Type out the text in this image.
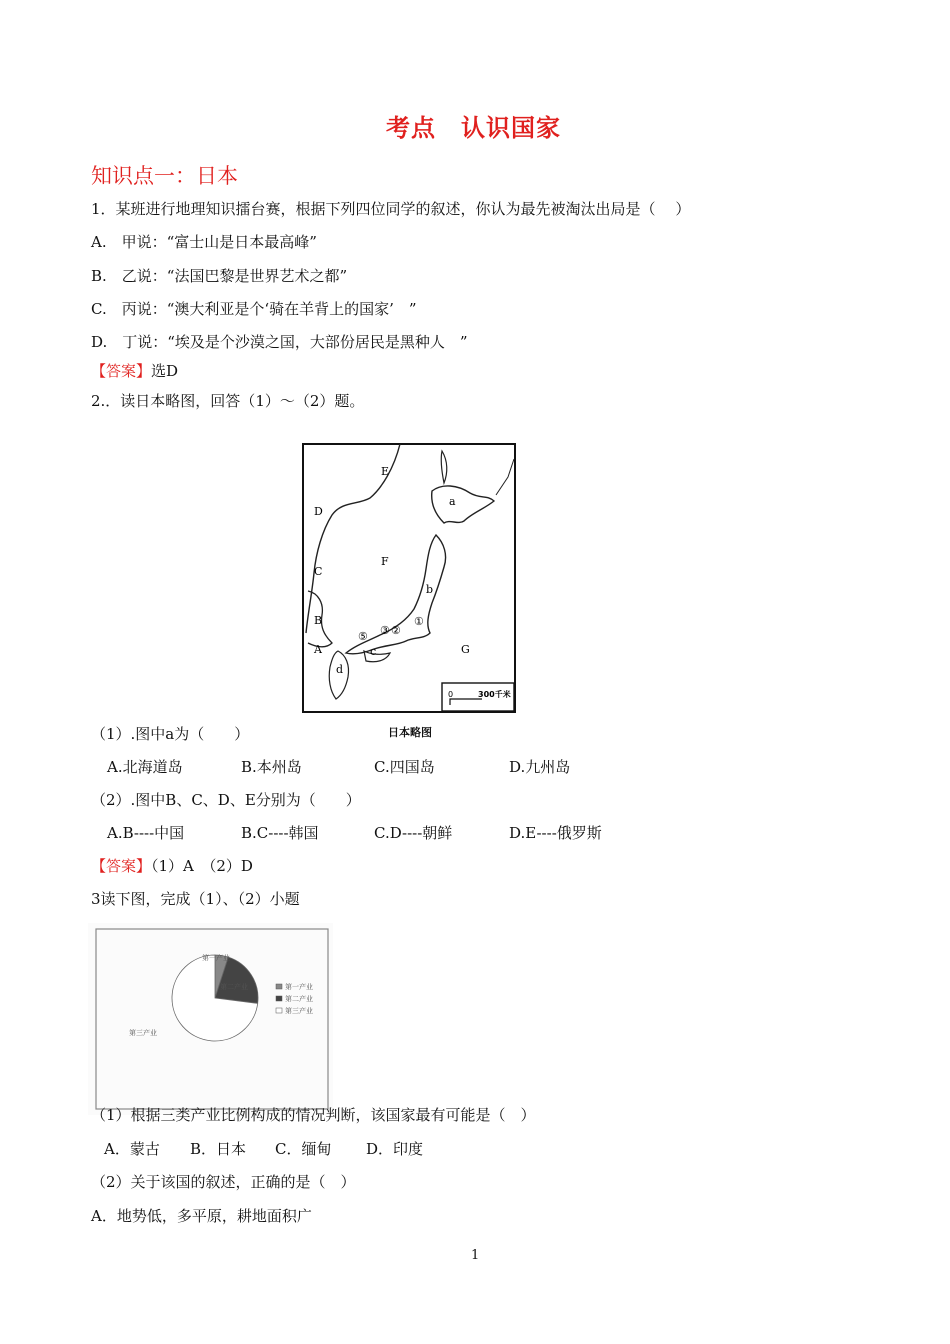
考点　认识国家
知识点一：日本
1．某班进行地理知识擂台赛，根据下列四位同学的叙述，你认为最先被淘汰出局是（　 ）
A.　甲说：“富士山是日本最高峰”
B.　乙说：“法国巴黎是世界艺术之都”
C.　丙说：“澳大利亚是个‘骑在羊背上的国家’　”
D.　丁说：“埃及是个沙漠之国，大部份居民是黑种人　”
【答案】选D
2.．读日本略图，回答（1）～（2）题。
0	300千米
E
a
D
F
C
b
B	①
⑤ ③ ②
A	c
d
G
日本略图
（1）.图中a为（　　）
A.北海道岛	B.本州岛	C.四国岛	D.九州岛
（2）.图中B、C、D、E分别为（　　）
A.B----中国	B.C----韩国	C.D----朝鲜	D.E----俄罗斯
【答案】（1）A　（2）D
3读下图，完成（1）、（2）小题
第一产业
第二产业
第三产业
第一产业
第二产业
第三产业
（1）根据三类产业比例构成的情况判断，该国家最有可能是（　）
A．蒙古 B．日本 C．缅甸 D．印度
（2）关于该国的叙述，正确的是（　）
A．地势低，多平原，耕地面积广
1
